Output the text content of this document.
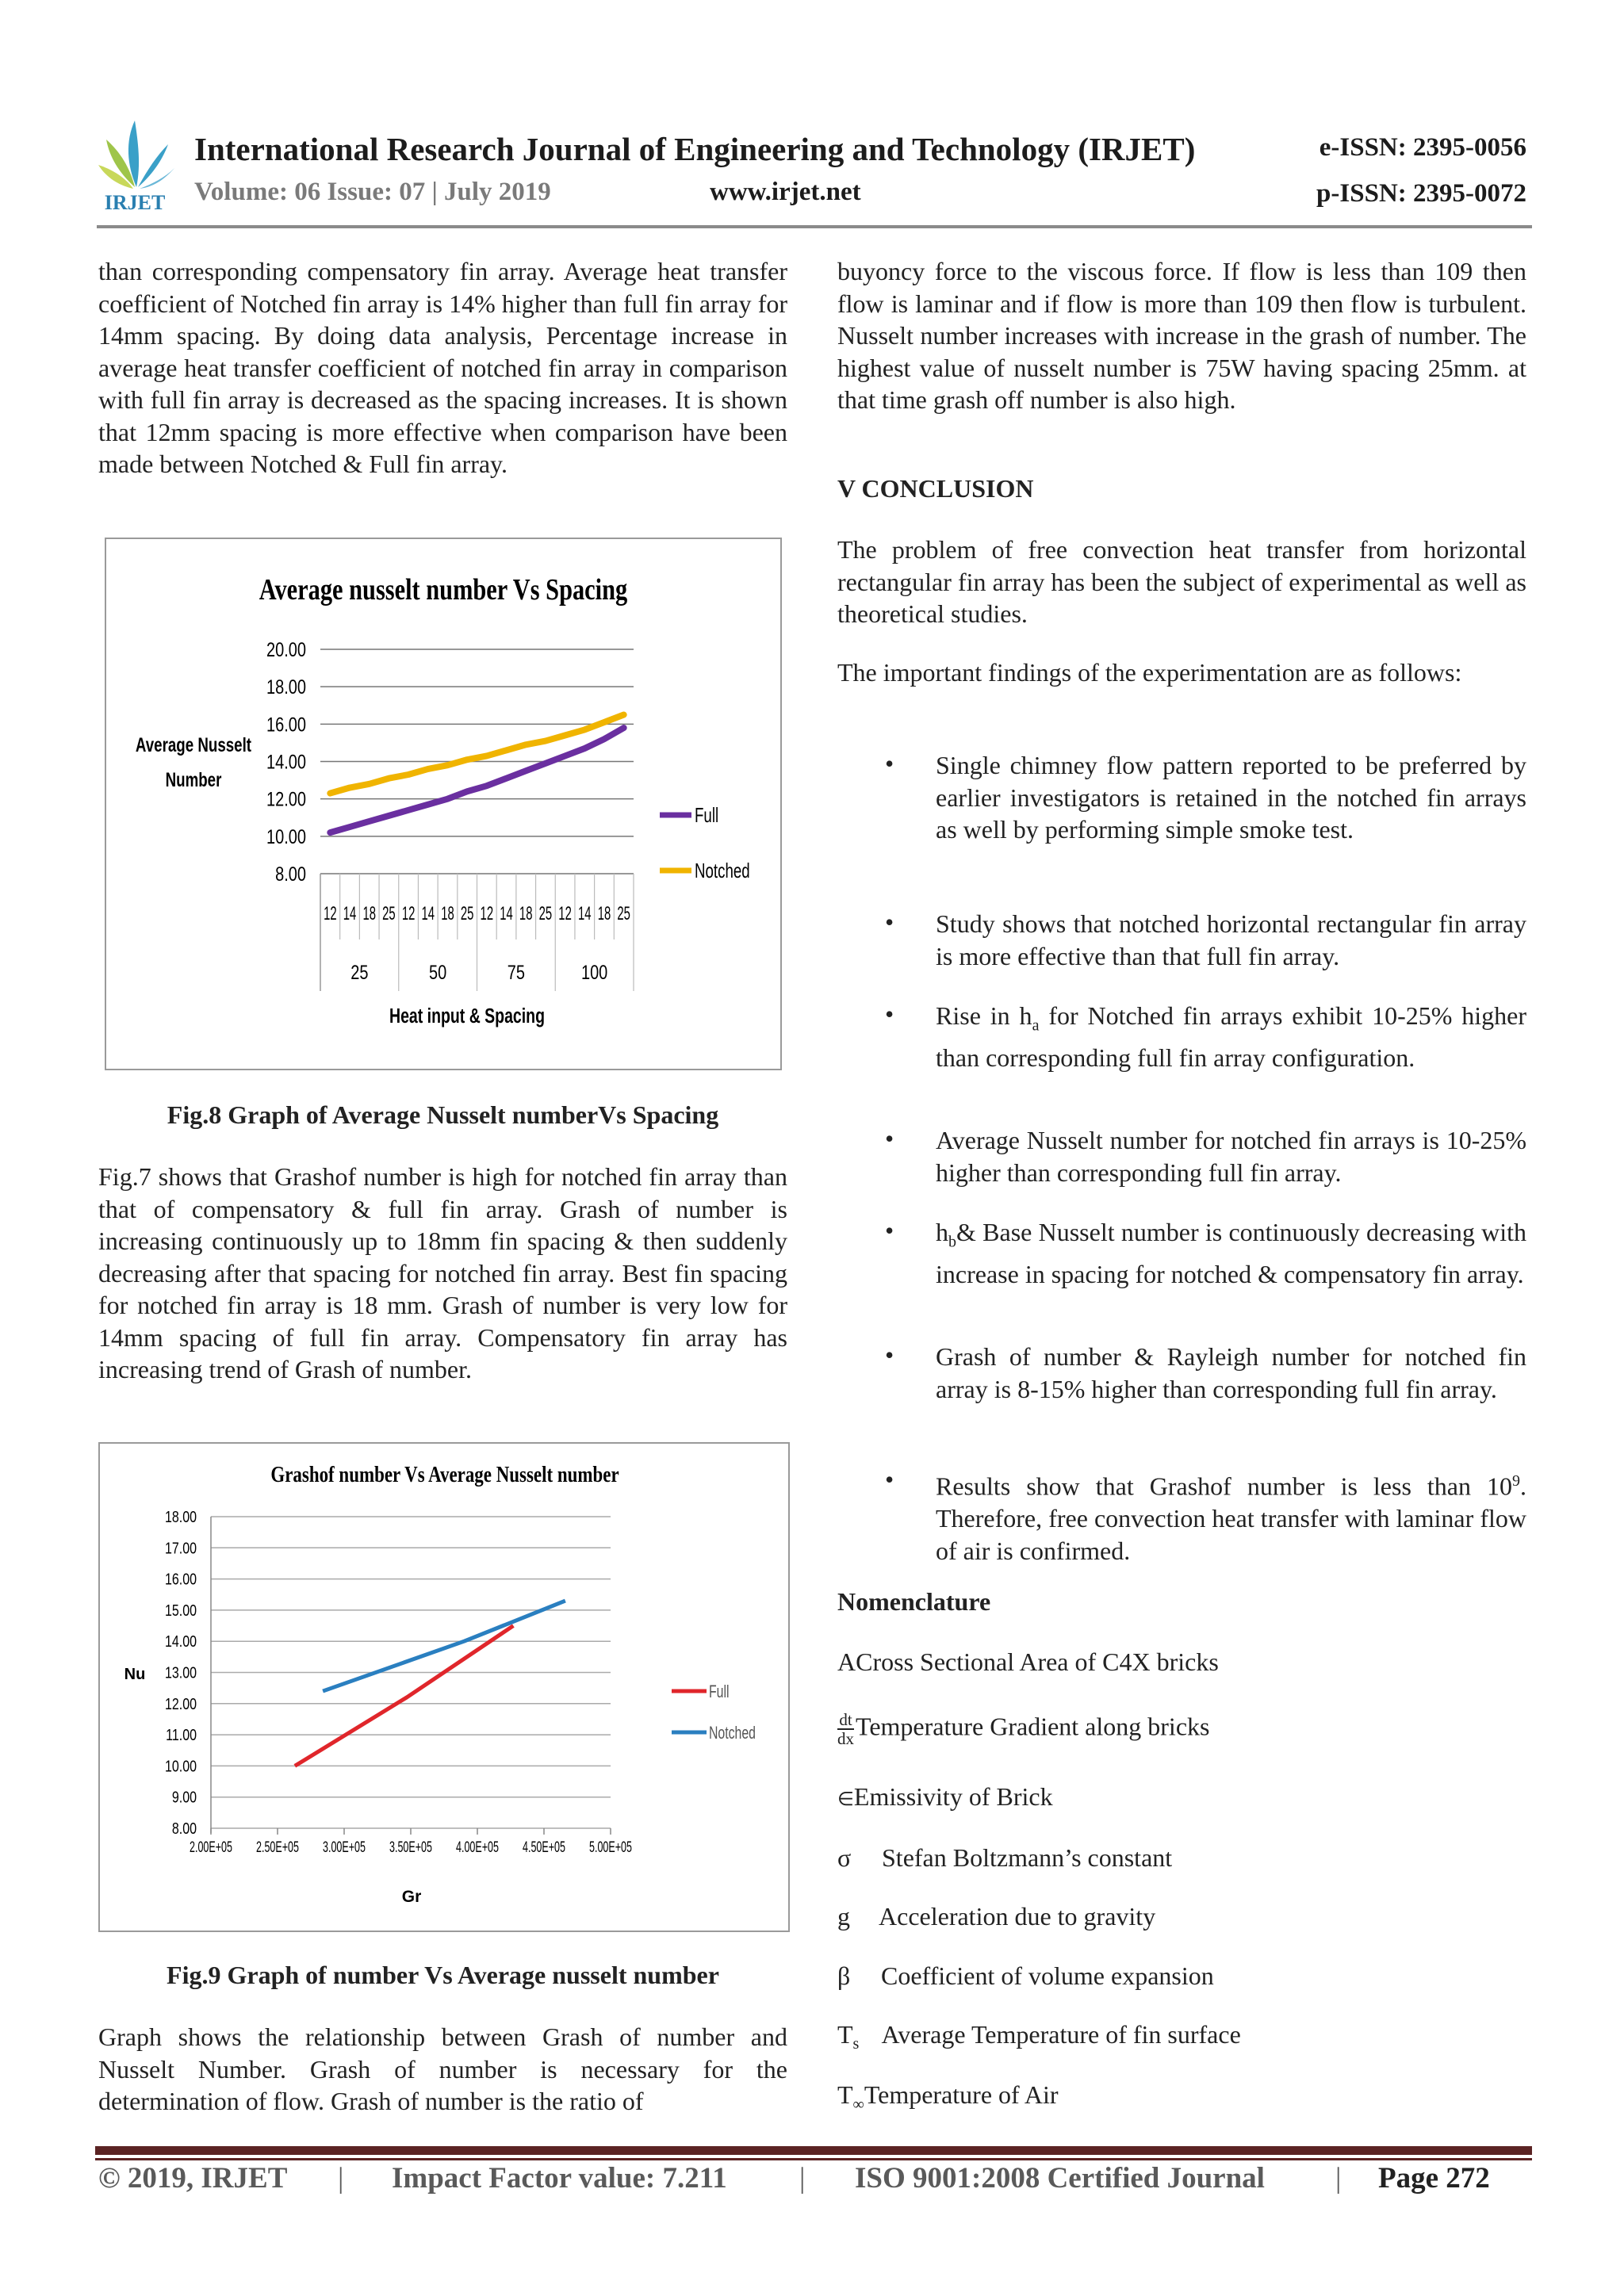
IRJET
International Research Journal of Engineering and Technology (IRJET)	e-ISSN: 2395-0056
Volume: 06 Issue: 07 | July 2019	www.irjet.net	p-ISSN: 2395-0072
than corresponding compensatory fin array. Average heat transfer coefficient of Notched fin array is 14% higher than full fin array for 14mm spacing. By doing data analysis, Percentage increase in average heat transfer coefficient of notched fin array in comparison with full fin array is decreased as the spacing increases. It is shown that 12mm spacing is more effective when comparison have been made between Notched & Full fin array.
Average nusselt number Vs Spacing
8.00
10.00
12.00
14.00
16.00
18.00
20.00
Average Nusselt
Number
12 14 18 25 12 14 18 25 12 14 18 25 12 14 18 25
25	50	75	100
Heat input & Spacing
Full
Notched
Fig.8 Graph of Average Nusselt numberVs Spacing
Fig.7 shows that Grashof number is high for notched fin array than that of compensatory & full fin array. Grash of number is increasing continuously up to 18mm fin spacing & then suddenly decreasing after that spacing for notched fin array. Best fin spacing for notched fin array is 18 mm. Grash of number is very low for 14mm spacing of full fin array. Compensatory fin array has increasing trend of Grash of number.
Grashof number Vs Average Nusselt number
8.00
9.00
10.00
11.00
12.00
13.00
14.00
15.00
16.00
17.00
18.00
2.00E+05 2.50E+05 3.00E+05 3.50E+05 4.00E+05 4.50E+05 5.00E+05
Gr
Nu
Full
Notched
Fig.9 Graph of number Vs Average nusselt number
Graph shows the relationship between Grash of number and Nusselt Number. Grash of number is necessary for the determination of flow. Grash of number is the ratio of
buyoncy force to the viscous force. If flow is less than 109 then flow is laminar and if flow is more than 109 then flow is turbulent. Nusselt number increases with increase in the grash of number. The highest value of nusselt number is 75W having spacing 25mm. at that time grash off number is also high.
V CONCLUSION
The problem of free convection heat transfer from horizontal rectangular fin array has been the subject of experimental as well as theoretical studies.
The important findings of the experimentation are as follows:
• Single chimney flow pattern reported to be preferred by earlier investigators is retained in the notched fin arrays as well by performing simple smoke test.
• Study shows that notched horizontal rectangular fin array is more effective than that full fin array.
• Rise in $h_a$ for Notched fin arrays exhibit 10-25% higher than corresponding full fin array configuration.
• Average Nusselt number for notched fin arrays is 10-25% higher than corresponding full fin array.
• $h_b\&$ Base Nusselt number is continuously decreasing with increase in spacing for notched & compensatory fin array.
• Grash of number & Rayleigh number for notched fin array is 8-15% higher than corresponding full fin array.
• Results show that Grashof number is less than $10^9$. Therefore, free convection heat transfer with laminar flow of air is confirmed.
Nomenclature
ACross Sectional Area of C4X bricks
$\frac{dt}{dx}Temperature$ Gradient along bricks
∈Emissivity of Brick
σ Stefan Boltzmann’s constant
g Acceleration due to gravity
β Coefficient of volume expansion
$T_s$ Average Temperature of fin surface
$T_\infty Temperature$ of Air
© 2019, IRJET | Impact Factor value: 7.211 | ISO 9001:2008 Certified Journal | Page 272
